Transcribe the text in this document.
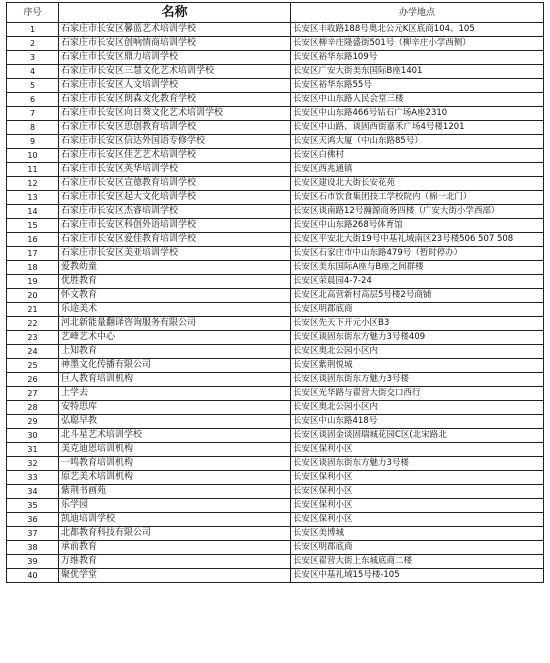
序号	名称	办学地点
1	石家庄市长安区馨蓝艺术培训学校	长安区丰收路188号奥北公元K区底商104、105
2	石家庄市长安区创响情商培训学校	长安区柳辛庄隆盛街501号（柳辛庄小学西侧）
3	石家庄市长安区鼎力培训学校	长安区裕华东路109号
4	石家庄市长安区三慧文化艺术培训学校	长安区广安大街美东国际B座1401
5	石家庄市长安区人文培训学校	长安区裕华东路55号
6	石家庄市长安区朗森文化教育学校	长安区中山东路人民会堂三楼
7	石家庄市长安区向日葵文化艺术培训学校	长安区中山东路466号钻石广场A座2310
8	石家庄市长安区思创教育培训学校	长安区中山路、谈固西街嘉禾广场4号楼1201
9	石家庄市长安区信达外国语专修学校	长安区天鸿大厦（中山东路85号）
10	石家庄市长安区佳艺艺术培训学校	长安区白佛村
11	石家庄市长安区英华培训学校	长安区西兆通镇
12	石家庄市长安区宣德教育培训学校	长安区建设北大街长安花苑
13	石家庄市长安区起大文化培训学校	长安区石市饮食集团技工学校院内（棉一北门）
14	石家庄市长安区杰睿培训学校	长安区谈南路12号瀚源商务四楼（广安大街小学西部）
15	石家庄市长安区科创外语培训学校	长安区中山东路268号体育馆
16	石家庄市长安区爱佳教育培训学校	长安区平安北大街19号中基礼域南区23号楼506 507 508
17	石家庄市长安区美亚培训学校	长安区石家庄市中山东路479号（暂时停办）
18	爱教幼童	长安区美东国际A座与B座之间群楼
19	优胜教育	长安区荣晨园4-7-24
20	怀文教育	长安区北高营新村高层5号楼2号商铺
21	乐途美术	长安区明郡底商
22	河北新能量翻译咨询服务有限公司	长安区先天下开元小区B3
23	艺峰艺术中心	长安区谈固东街东方魅力3号楼409
24	上知教育	长安区奥北公园小区内
25	神墨文化传播有限公司	长安区紫荆悦城
26	巨人教育培训机构	长安区谈固东街东方魅力3号楼
27	上学去	长安区光华路与翟营大街交口西行
28	安特思库	长安区奥北公园小区内
29	弘聪早教	长安区中山东路418号
30	北斗星艺术培训学校	长安区谈固金谈固瑞城花园C区(北宋路北
31	美克迪恩培训机构	长安区保利小区
32	一鸣教育培训机构	长安区谈固东街东方魅力3号楼
33	原艺美术培训机构	长安区保利小区
34	紫荆书画苑	长安区保利小区
35	乐学园	长安区保利小区
36	凯迪培训学校	长安区保利小区
37	北都教育科技有限公司	长安区美博城
38	承前教育	长安区明郡底商
39	万维教育	长安区翟营大街上东城底商二楼
40	聚优学堂	长安区中基礼域15号楼-105
